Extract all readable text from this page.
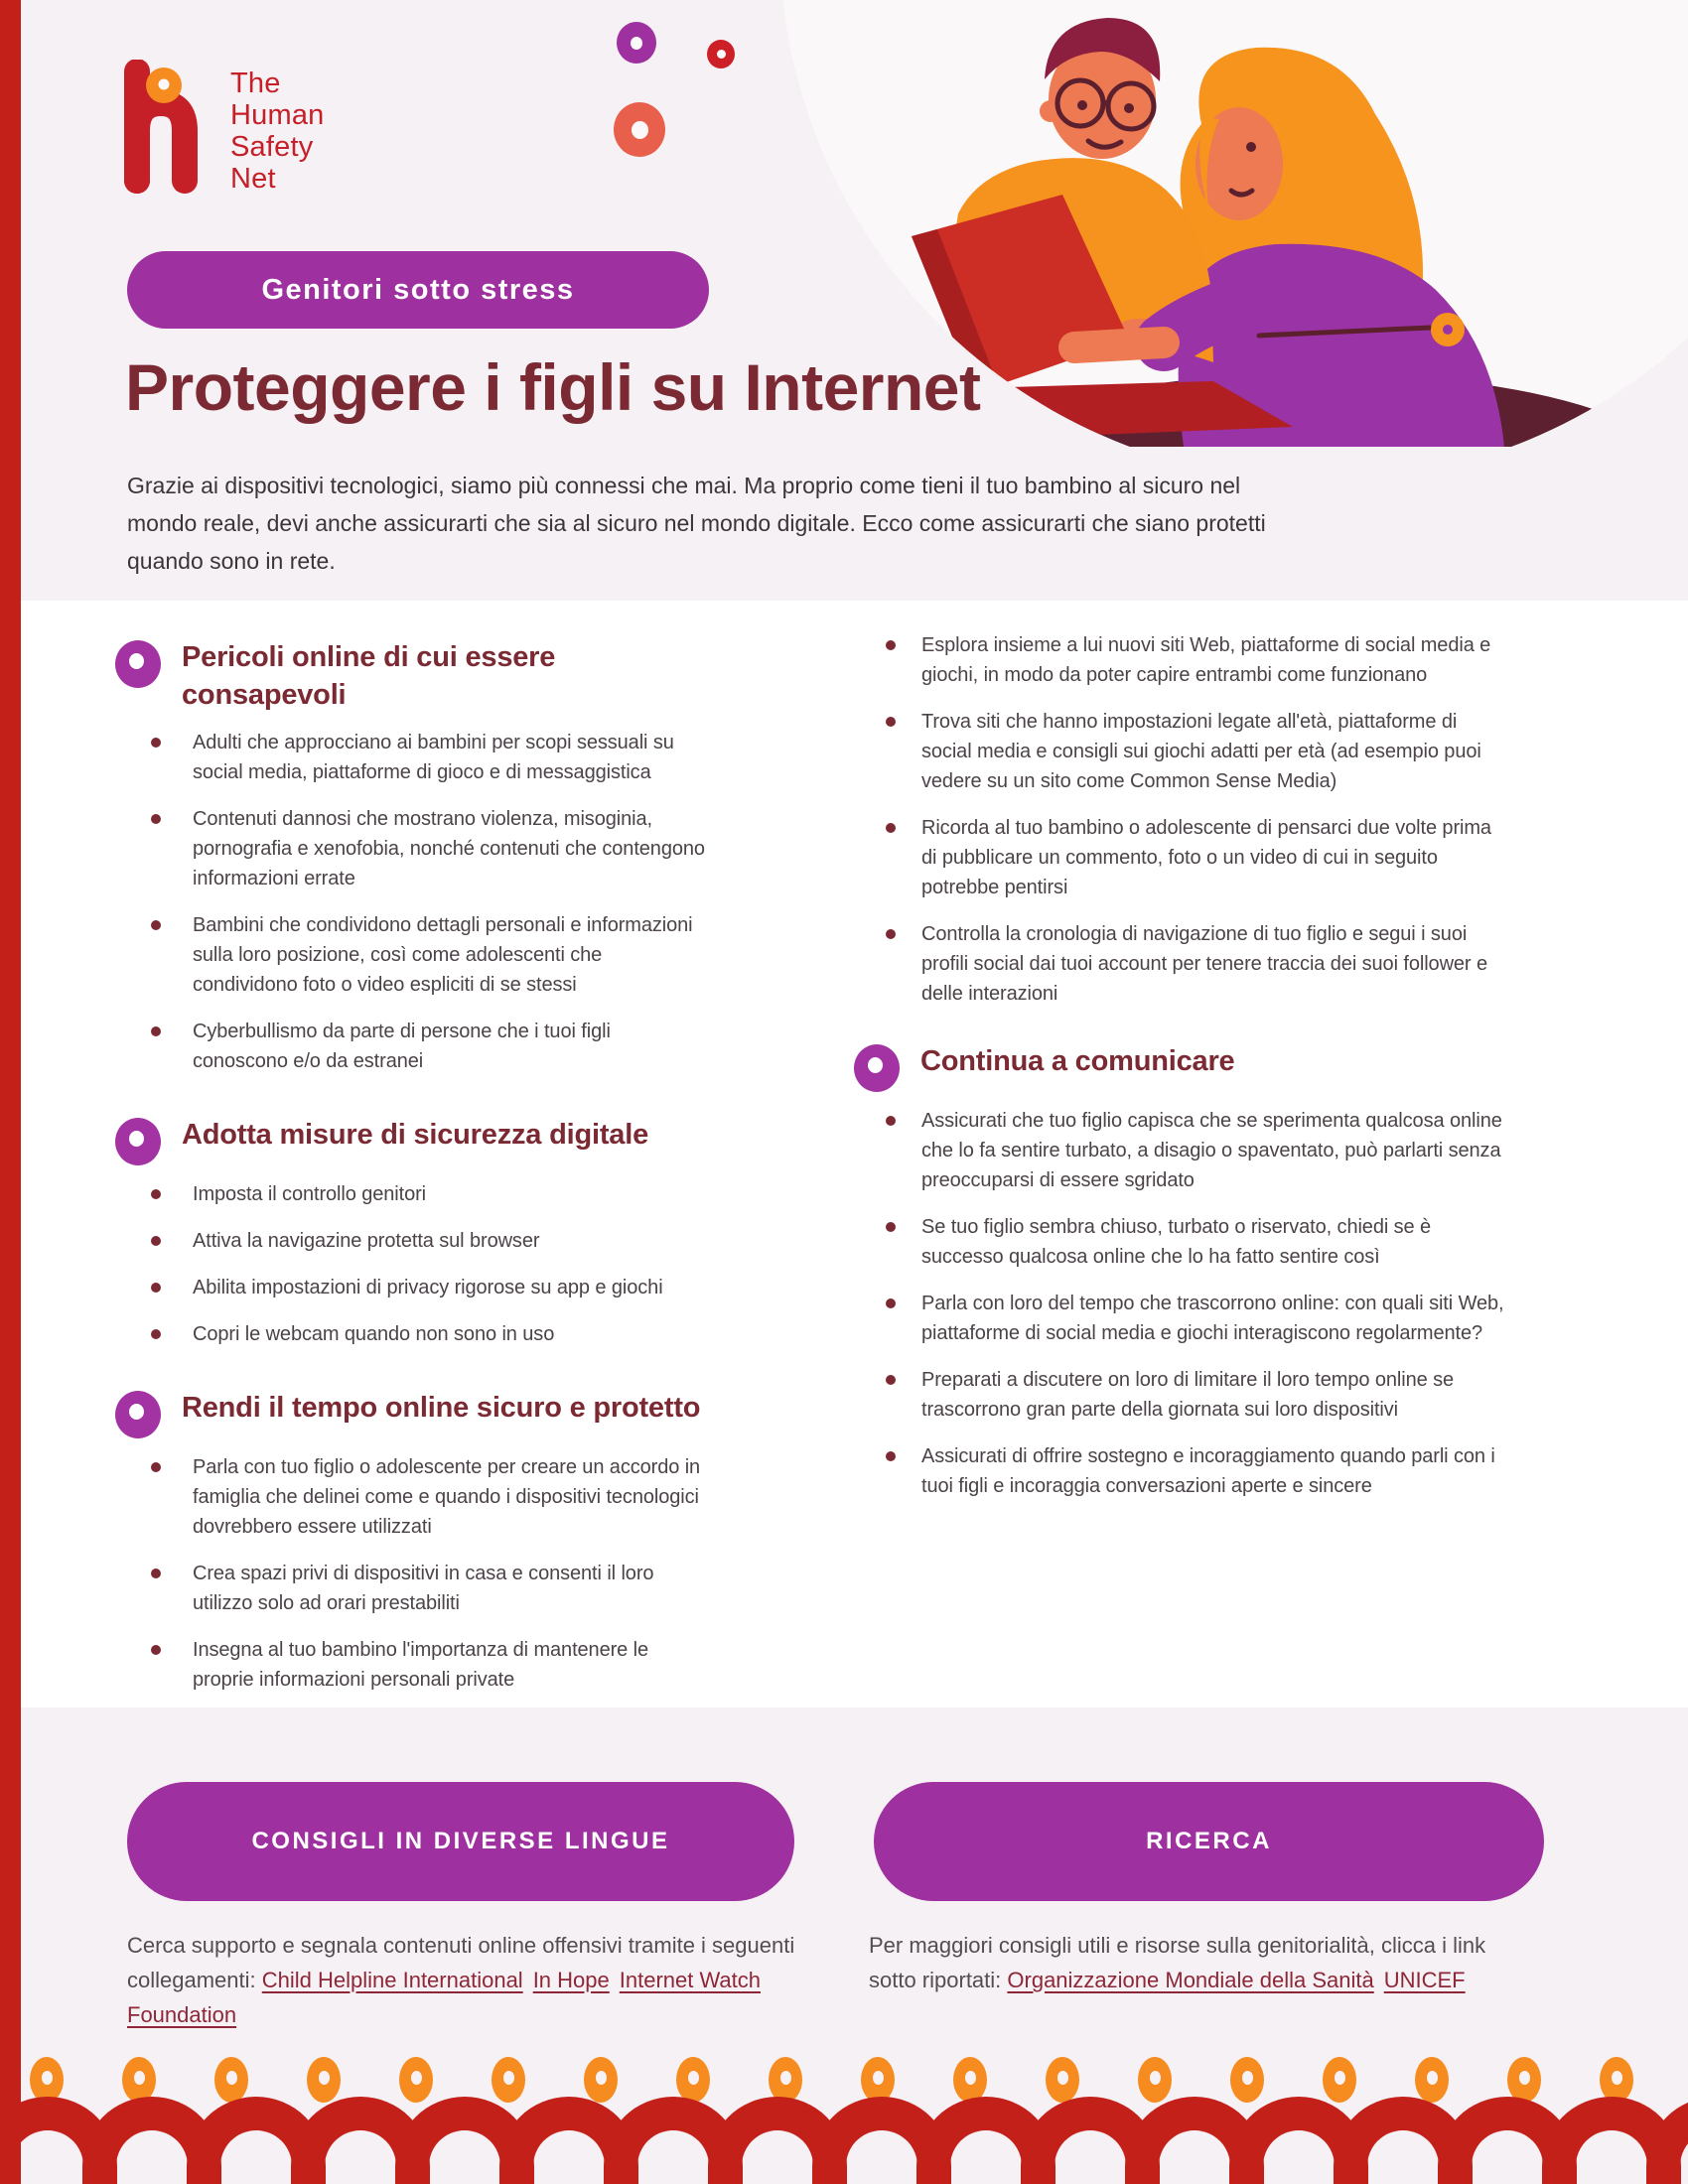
The
Human
Safety
Net
Genitori sotto stress
Proteggere i figli su Internet

Grazie ai dispositivi tecnologici, siamo più connessi che mai. Ma proprio come tieni il tuo bambino al sicuro nel mondo reale, devi anche assicurarti che sia al sicuro nel mondo digitale. Ecco come assicurarti che siano protetti quando sono in rete.

Pericoli online di cui essere consapevoli
Adulti che approcciano ai bambini per scopi sessuali su social media, piattaforme di gioco e di messaggistica
Contenuti dannosi che mostrano violenza, misoginia, pornografia e xenofobia, nonché contenuti che contengono informazioni errate
Bambini che condividono dettagli personali e informazioni sulla loro posizione, così come adolescenti che condividono foto o video espliciti di se stessi
Cyberbullismo da parte di persone che i tuoi figli conoscono e/o da estranei
Adotta misure di sicurezza digitale
Imposta il controllo genitori
Attiva la navigazine protetta sul browser
Abilita impostazioni di privacy rigorose su app e giochi
Copri le webcam quando non sono in uso
Rendi il tempo online sicuro e protetto
Parla con tuo figlio o adolescente per creare un accordo in famiglia che delinei come e quando i dispositivi tecnologici dovrebbero essere utilizzati
Crea spazi privi di dispositivi in casa e consenti il loro utilizzo solo ad orari prestabiliti
Insegna al tuo bambino l'importanza di mantenere le proprie informazioni personali private
Esplora insieme a lui nuovi siti Web, piattaforme di social media e giochi, in modo da poter capire entrambi come funzionano
Trova siti che hanno impostazioni legate all'età, piattaforme di social media e consigli sui giochi adatti per età (ad esempio puoi vedere su un sito come Common Sense Media)
Ricorda al tuo bambino o adolescente di pensarci due volte prima di pubblicare un commento, foto o un video di cui in seguito potrebbe pentirsi
Controlla la cronologia di navigazione di tuo figlio e segui i suoi profili social dai tuoi account per tenere traccia dei suoi follower e delle interazioni
Continua a comunicare
Assicurati che tuo figlio capisca che se sperimenta qualcosa online che lo fa sentire turbato, a disagio o spaventato, può parlarti senza preoccuparsi di essere sgridato
Se tuo figlio sembra chiuso, turbato o riservato, chiedi se è successo qualcosa online che lo ha fatto sentire così
Parla con loro del tempo che trascorrono online: con quali siti Web, piattaforme di social media e giochi interagiscono regolarmente?
Preparati a discutere on loro di limitare il loro tempo online se trascorrono gran parte della giornata sui loro dispositivi
Assicurati di offrire sostegno e incoraggiamento quando parli con i tuoi figli e incoraggia conversazioni aperte e sincere
CONSIGLI IN DIVERSE LINGUE	RICERCA

Cerca supporto e segnala contenuti online offensivi tramite i seguenti collegamenti: Child Helpline International In Hope Internet Watch Foundation

Per maggiori consigli utili e risorse sulla genitorialità, clicca i link sotto riportati: Organizzazione Mondiale della Sanità UNICEF
